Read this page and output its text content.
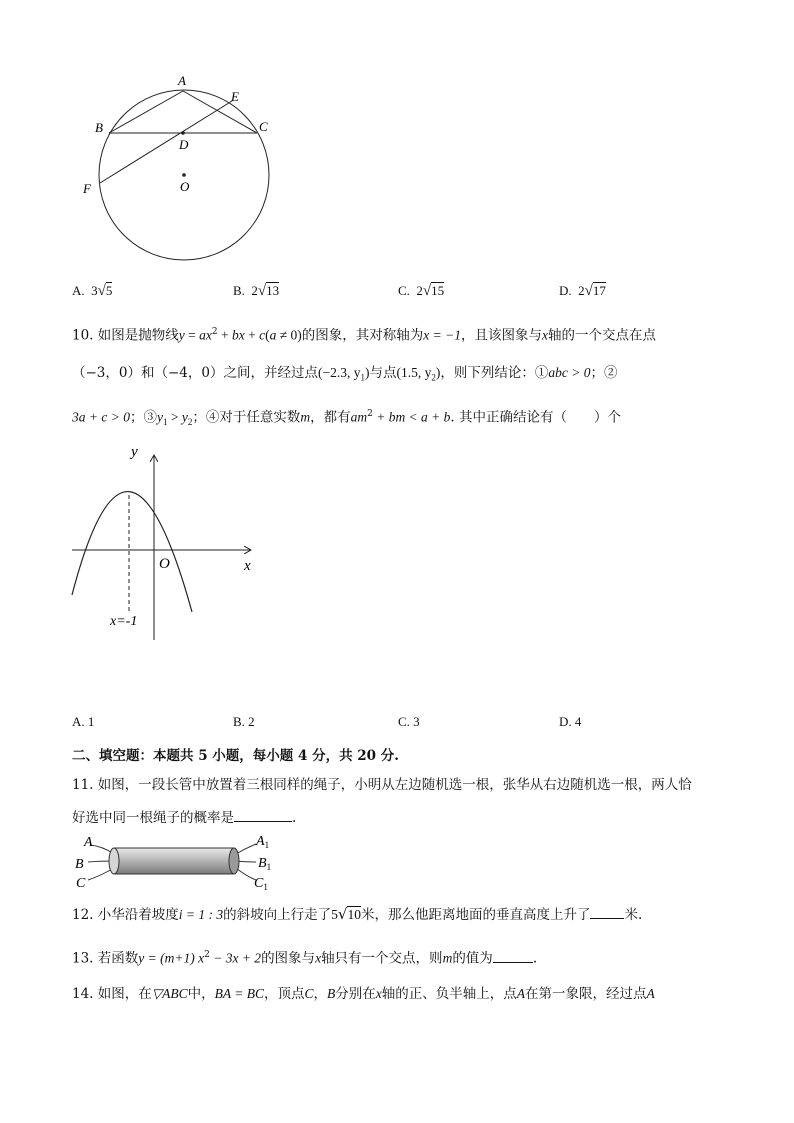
A
B	C
D
E
F	O
A. 3√5	B. 2√13	C. 2√15	D. 2√17
10. 如图是抛物线$y = ax^2$ + bx + c(a ≠ 0)的图象，其对称轴为x = −1，且该图象与x轴的一个交点在点
（−3，0）和（−4，0）之间，并经过点(−2.3, $y_1$)与点(1.5, $y_2$)，则下列结论：①abc > 0；②
3a + c > 0；$③y_1 > y_2$；④对于任意实数m，都有$am^2$ + bm < a + b. 其中正确结论有（　　）个
y
x
O
x=-1
A. 1	B. 2	C. 3	D. 4
二、填空题：本题共 5 小题，每小题 4 分，共 20 分.
11. 如图，一段长管中放置着三根同样的绳子，小明从左边随机选一根，张华从右边随机选一根，两人恰
好选中同一根绳子的概率是	.
A
B
C
$A_1$
$B_1$
$C_1$
12. 小华沿着坡度i = 1 : 3的斜坡向上行走了5√10米，那么他距离地面的垂直高度上升了	米.
13. 若函数y = (m+1) $x^2 - 3x + 2$的图象与x轴只有一个交点，则m的值为	.
14. 如图，在▽ABC中，BA = BC，顶点C，B分别在x轴的正、负半轴上，点A在第一象限，经过点A
